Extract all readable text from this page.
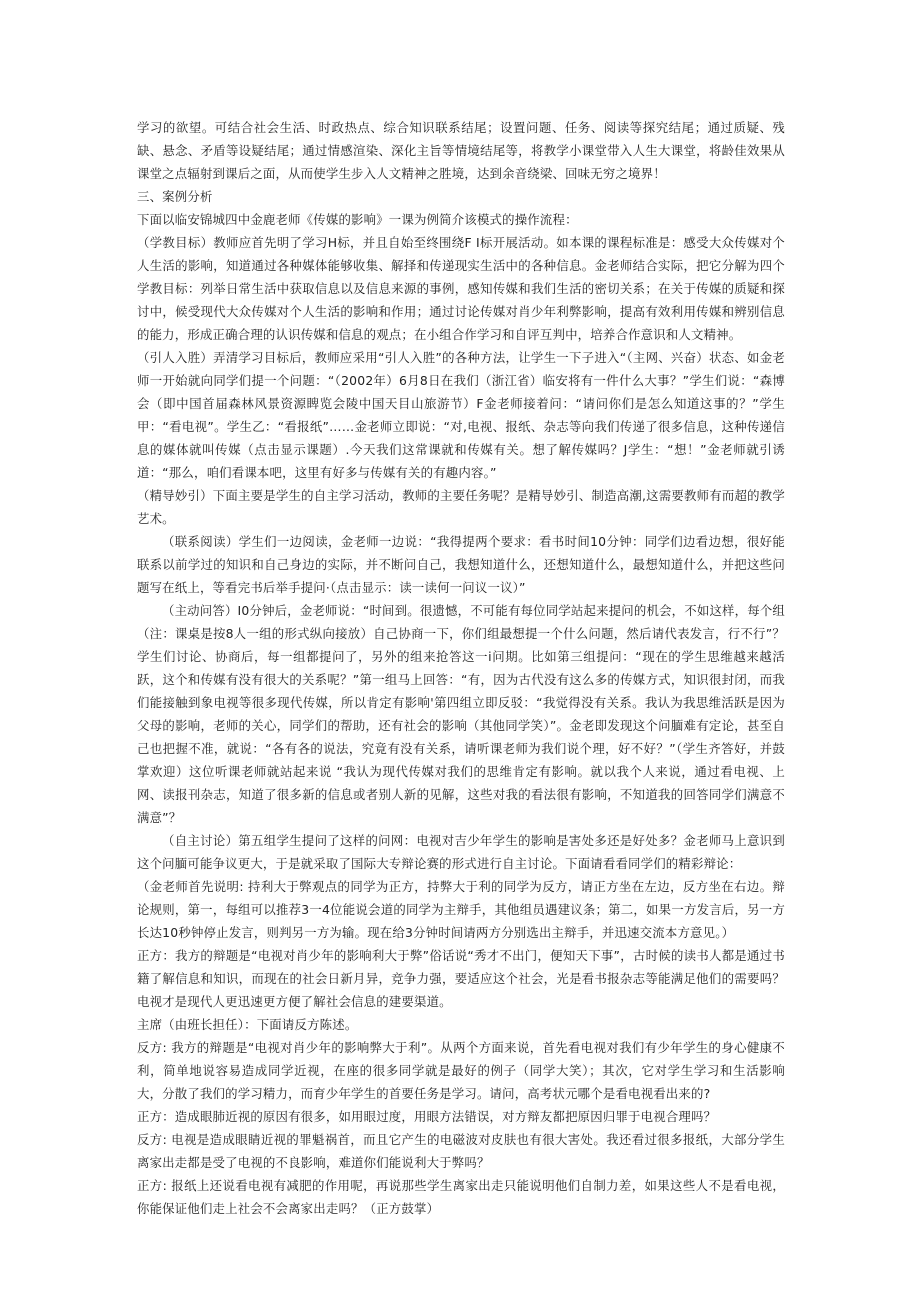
学习的欲望。可结合社会生活、时政热点、综合知识联系结尾；设置问题、任务、阅读等探究结尾；通过质疑、残缺、悬念、矛盾等设疑结尾；通过情感渲染、深化主旨等情境结尾等，将教学小课堂带入人生大课堂，将龄佳效果从课堂之点辐射到课后之面，从而使学生步入人文精神之胜境，达到余音绕梁、回味无穷之境界！

三、案例分析

下面以临安锦城四中金鹿老师《传媒的影响》一课为例简介该模式的操作流程：

（学教目标）教师应首先明了学习H标，并且自始至终围绕F I标开展活动。如本课的课程标准是：感受大众传媒对个人生活的影响，知道通过各种媒体能够收集、解择和传递现实生活中的各种信息。金老师结合实际，把它分解为四个学教目标：列举日常生活中获取信息以及信息来源的事例，感知传媒和我们生活的密切关系；在关于传媒的质疑和探讨中，候受现代大众传媒对个人生活的影响和作用；通过讨论传媒对肖少年利弊影响，提高有效利用传媒和辨别信息的能力，形成正确合理的认识传媒和信息的观点；在小组合作学习和自评互判中，培养合作意识和人文精神。

（引人入胜）弄清学习目标后，教师应采用“引人入胜”的各种方法，让学生一下子进入“（主网、兴奋）状态、如金老师一开始就向同学们提一个问题：“（2002年）6月8日在我们（浙江省）临安将有一件什么大事？”学生们说：“森博会（即中国首届森林风景资源睥览会陵中国天目山旅游节）F金老师接着问：“请问你们是怎么知道这事的？”学生甲：“看电视”。学生乙：“看报纸”……金老师立即说：“对,电视、报纸、杂志等向我们传递了很多信息，这种传递信息的媒体就叫传媒（点击显示课题）.今天我们这常课就和传媒有关。想了解传媒吗？J学生：“想！”金老师就引诱道：“那么，咱们看课本吧，这里有好多与传媒有关的有趣内容。”

（精导妙引）下面主要是学生的自主学习活动，教师的主要任务呢？是精导妙引、制造高潮,这需要教师有而超的教学艺术。

（联系阅读）学生们一边阅读，金老师一边说：“我得提两个要求：看书时间10分钟：同学们边看边想，很好能联系以前学过的知识和自己身边的实际，并不断问自己，我想知道什么，还想知道什么，最想知道什么，并把这些问题写在纸上，等看完书后举手提问·（点击显示：读一读何一问议一议）”

（主动问答）I0分钟后，金老师说：“时间到。很遗憾，不可能有每位同学站起来提问的机会，不如这样，每个组（注：课桌是按8人一组的形式纵向接放）自己协商一下，你们组最想提一个什么问题，然后请代表发言，行不行”？学生们讨论、协商后，每一组都提问了，另外的组来抢答这一i问期。比如第三组提问：“现在的学生思维越来越活跃，这个和传媒有没有很大的关系呢？”第一组马上回答：“有，因为古代没有这么多的传媒方式，知识很封闭，而我们能接触到象电视等很多现代传媒，所以肯定有影响'第四组立即反驳：“我觉得没有关系。我认为我思维活跃是因为父母的影响，老师的关心，同学们的帮助，还有社会的影响（其他同学笑）”。金老即发现这个问腼难有定论，甚至自己也把握不准，就说：“各有各的说法，究竟有没有关系，请听课老师为我们说个理，好不好？”（学生齐答好，并鼓掌欢迎）这位听课老师就站起来说 “我认为现代传媒对我们的思维肯定有影响。就以我个人来说，通过看电视、上网、读报刊杂志，知道了很多新的信息或者别人新的见解，这些对我的看法很有影响，不知道我的回答同学们满意不满意”？

（自主讨论）第五组学生提问了这样的问网：电视对吉少年学生的影响是害处多还是好处多？金老师马上意识到这个问腼可能争议更大，于是就采取了国际大专辩论赛的形式进行自主讨论。下面请看看同学们的精彩辩论：

（金老师首先说明: 持利大于弊观点的同学为正方，持弊大于利的同学为反方，请正方坐在左边，反方坐在右边。辩论规则，第一，每组可以推荐3一4位能说会道的同学为主辩手，其他组员遇建议条；第二，如果一方发言后，另一方长达10秒钟停止发言，则判另一方为输。现在给3分钟时间请两方分别选出主辩手，并迅速交流本方意见。）

正方：我方的辩题是“电视对肖少年的影响利大于弊”俗话说“秀才不出门，便知天下事”，古时候的读书人都是通过书籍了解信息和知识，而现在的社会日新月异，竞争力强，要适应这个社会，光是看书报杂志等能满足他们的需要吗？电视才是现代人更迅速更方便了解社会信息的建要渠道。

主席（由班长担任）：下面请反方陈述。

反方: 我方的辩题是“电视对肖少年的影响弊大于利”。从两个方面来说，首先看电视对我们有少年学生的身心健康不利，简单地说容易造成同学近视，在座的很多同学就是最好的例子（同学大笑）；其次，它对学生学习和生活影响大，分散了我们的学习精力，而育少年学生的首要任务是学习。请问，高考状元哪个是看电视看出来的?

正方：造成眼肺近视的原因有很多，如用眼过度，用眼方法错误，对方辩友都把原因归罪于电视合理吗？

反方: 电视是造成眼睛近视的罪魁祸首，而且它产生的电磁波对皮肤也有很大害处。我还看过很多报纸，大部分学生离家出走都是受了电视的不良影响，难道你们能说利大于弊吗？

正方: 报纸上还说看电视有减肥的作用呢，再说那些学生离家出走只能说明他们自制力差，如果这些人不是看电视，你能保证他们走上社会不会离家出走吗？（正方鼓掌）
